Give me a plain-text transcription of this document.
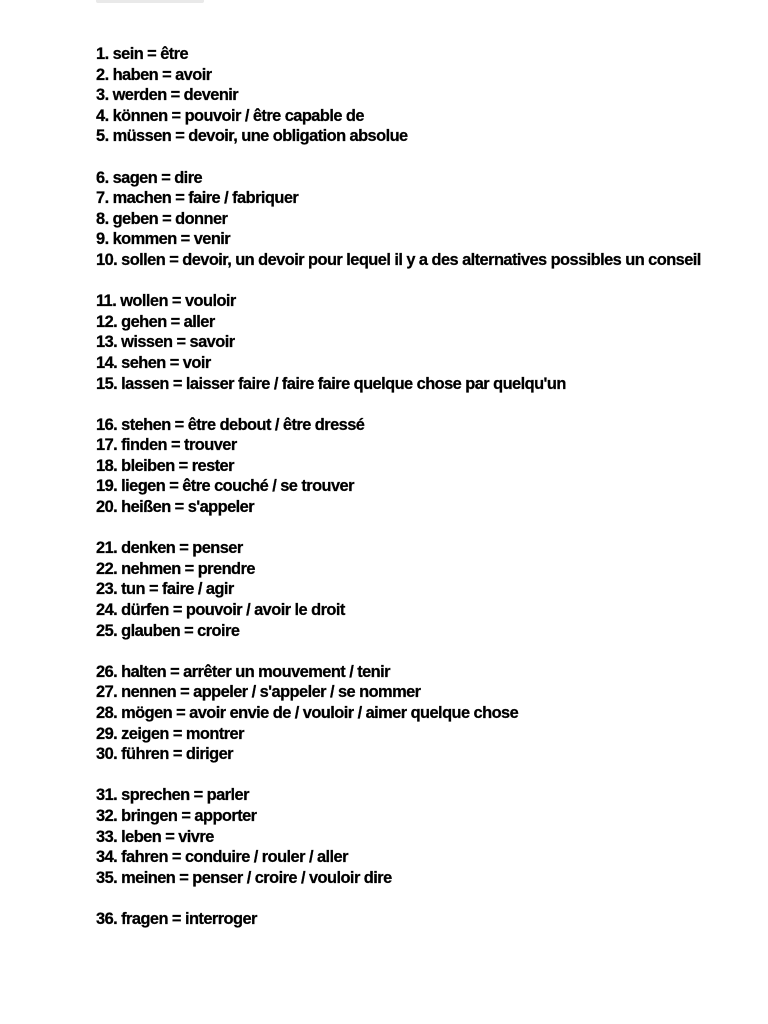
1. sein = être
2. haben = avoir
3. werden = devenir
4. können = pouvoir / être capable de
5. müssen = devoir, une obligation absolue
6. sagen = dire
7. machen = faire / fabriquer
8. geben = donner
9. kommen = venir
10. sollen = devoir, un devoir pour lequel il y a des alternatives possibles un conseil
11. wollen = vouloir
12. gehen = aller
13. wissen = savoir
14. sehen = voir
15. lassen = laisser faire / faire faire quelque chose par quelqu'un
16. stehen = être debout / être dressé
17. finden = trouver
18. bleiben = rester
19. liegen = être couché / se trouver
20. heißen = s'appeler
21. denken = penser
22. nehmen = prendre
23. tun = faire / agir
24. dürfen = pouvoir / avoir le droit
25. glauben = croire
26. halten = arrêter un mouvement / tenir
27. nennen = appeler / s'appeler / se nommer
28. mögen = avoir envie de / vouloir / aimer quelque chose
29. zeigen = montrer
30. führen = diriger
31. sprechen = parler
32. bringen = apporter
33. leben = vivre
34. fahren = conduire / rouler / aller
35. meinen = penser / croire / vouloir dire
36. fragen = interroger
